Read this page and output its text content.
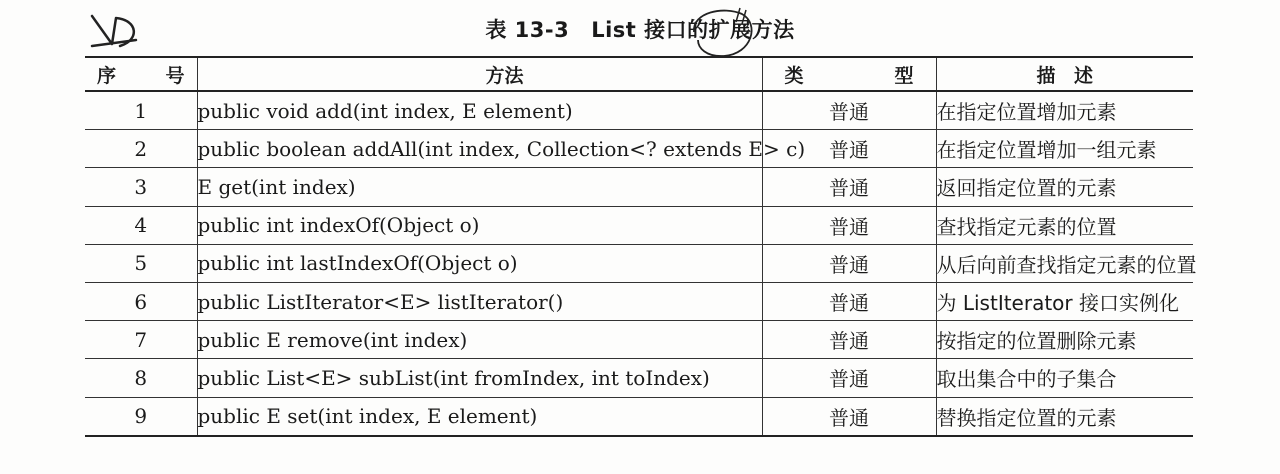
表 13-3 List 接口的扩展方法
序 号	方 法	类 型	描 述

1	public void add(int index, E element)	普通	在指定位置增加元素
2	public boolean addAll(int index, Collection<? extends E> c)	普通	在指定位置增加一组元素
3	E get(int index)	普通	返回指定位置的元素
4	public int indexOf(Object o)	普通	查找指定元素的位置
5	public int lastIndexOf(Object o)	普通	从后向前查找指定元素的位置
6	public ListIterator<E> listIterator()	普通	为 ListIterator 接口实例化
7	public E remove(int index)	普通	按指定的位置删除元素
8	public List<E> subList(int fromIndex, int toIndex)	普通	取出集合中的子集合
9	public E set(int index, E element)	普通	替换指定位置的元素
